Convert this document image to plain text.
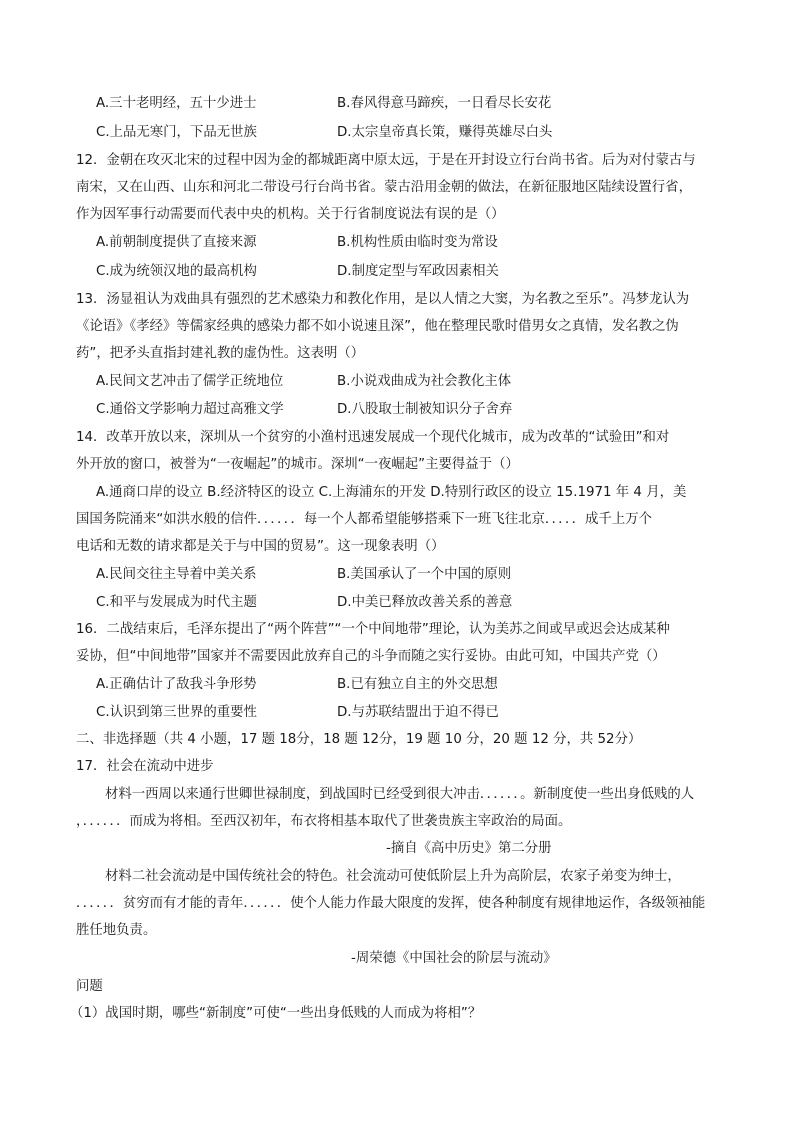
A.三十老明经，五十少进士	B.春风得意马蹄疾，一日看尽长安花
C.上品无寒门，下品无世族	D.太宗皇帝真长策，赚得英雄尽白头
12．金朝在攻灭北宋的过程中因为金的都城距离中原太远，于是在开封设立行台尚书省。后为对付蒙古与
南宋，又在山西、山东和河北二带设弓行台尚书省。蒙古沿用金朝的做法，在新征服地区陆续设置行省，
作为因军事行动需要而代表中央的机构。关于行省制度说法有误的是（）
A.前朝制度提供了直接来源	B.机构性质由临时变为常设
C.成为统领汉地的最高机构	D.制度定型与军政因素相关
13．汤显祖认为戏曲具有强烈的艺术感染力和教化作用，是以人情之大窦，为名教之至乐”。冯梦龙认为
《论语》《孝经》等儒家经典的感染力都不如小说速且深”，他在整理民歌时借男女之真情，发名教之伪
药”，把矛头直指封建礼教的虚伪性。这表明（）
A.民间文艺冲击了儒学正统地位	B.小说戏曲成为社会教化主体
C.通俗文学影响力超过高雅文学	D.八股取士制被知识分子舍弃
14．改革开放以来，深圳从一个贫穷的小渔村迅速发展成一个现代化城市，成为改革的“试验田”和对
外开放的窗口，被誉为“一夜崛起”的城市。深圳“一夜崛起”主要得益于（）
A.通商口岸的设立 B.经济特区的设立 C.上海浦东的开发 D.特别行政区的设立 15.1971 年 4 月，美
国国务院涌来“如洪水般的信件．．．．．．每一个人都希望能够搭乘下一班飞往北京．．．．．成千上万个
电话和无数的请求都是关于与中国的贸易”。这一现象表明（）
A.民间交往主导着中美关系	B.美国承认了一个中国的原则
C.和平与发展成为时代主题	D.中美已释放改善关系的善意
16．二战结束后，毛泽东提出了“两个阵营”“一个中间地带”理论，认为美苏之间或早或迟会达成某种
妥协，但“中间地带”国家并不需要因此放弃自己的斗争而随之实行妥协。由此可知，中国共产党（）
A.正确估计了敌我斗争形势	B.已有独立自主的外交思想
C.认识到第三世界的重要性	D.与苏联结盟出于迫不得已
二、非选择题（共 4 小题，17 题 18分，18 题 12分，19 题 10 分，20 题 12 分，共 52分）
17．社会在流动中进步
材料一西周以来通行世卿世禄制度，到战国时已经受到很大冲击．．．．．．。新制度使一些出身低贱的人
，．．．．．．而成为将相。至西汉初年，布衣将相基本取代了世袭贵族主宰政治的局面。
-摘自《高中历史》第二分册
材料二社会流动是中国传统社会的特色。社会流动可使低阶层上升为高阶层，农家子弟变为绅士，
．．．．．．贫穷而有才能的青年．．．．．．使个人能力作最大限度的发挥，使各种制度有规律地运作，各级领袖能
胜任地负责。
-周荣德《中国社会的阶层与流动》
问题
（1）战国时期，哪些“新制度”可使“一些出身低贱的人而成为将相”？
